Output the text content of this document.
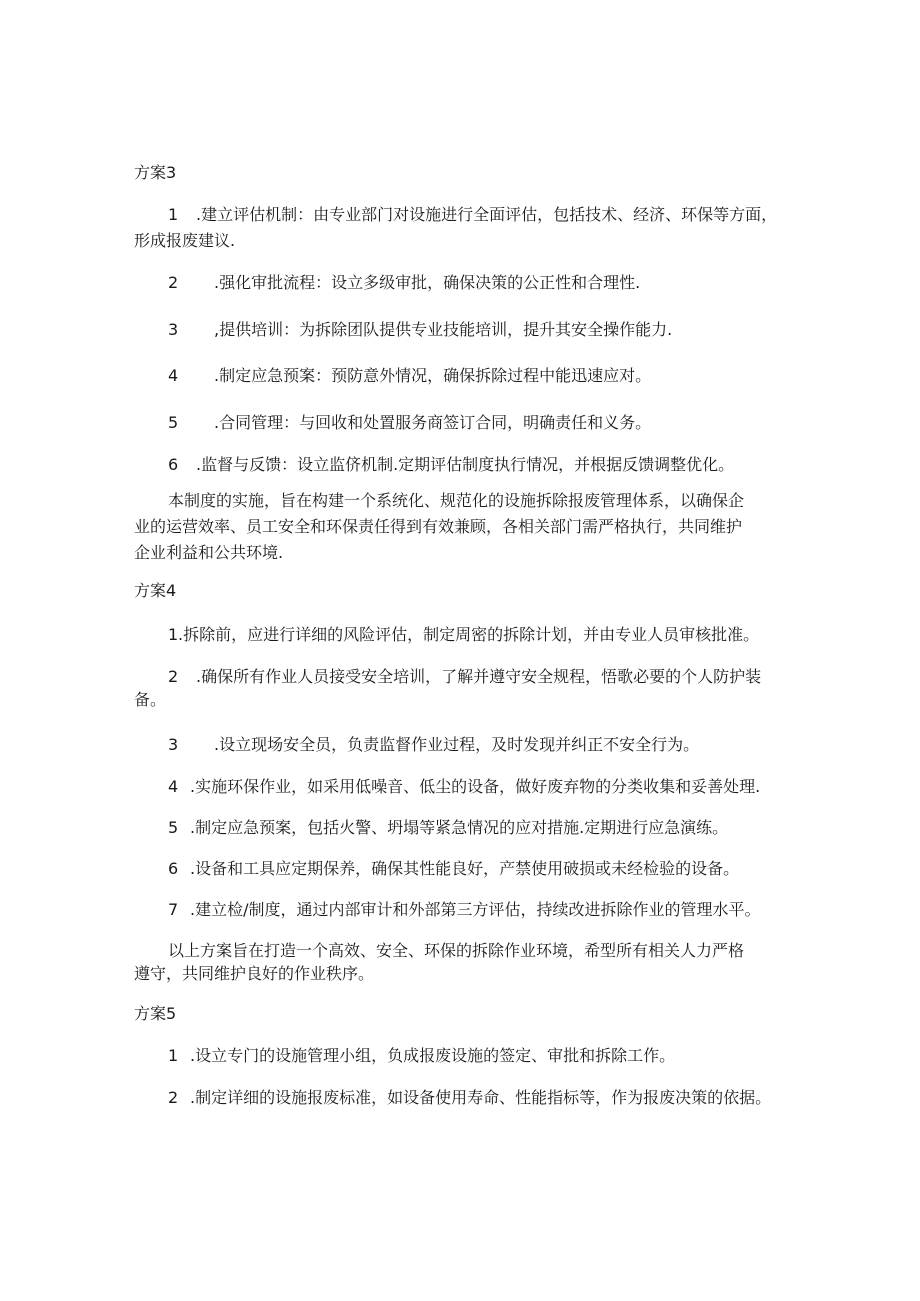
方案3
1 .建立评估机制：由专业部门对设施进行全面评估，包括技术、经济、环保等方面，
形成报废建议.
2 .强化审批流程：设立多级审批，确保决策的公正性和合理性.
3 ,提供培训：为拆除团队提供专业技能培训，提升其安全操作能力.
4 .制定应急预案：预防意外情况，确保拆除过程中能迅速应对。
5 .合同管理：与回收和处置服务商签订合同，明确责任和义务。
6 .监督与反馈：设立监侪机制.定期评估制度执行情况，并根据反馈调整优化。
本制度的实施，旨在构建一个系统化、规范化的设施拆除报废管理体系，以确保企
业的运营效率、员工安全和环保责任得到有效兼顾，各相关部门需严格执行，共同维护
企业利益和公共环境.
方案4
1 .拆除前，应进行详细的风险评估，制定周密的拆除计划，并由专业人员审核批准。
2 .确保所有作业人员接受安全培训，了解并遵守安全规程，悟歌必要的个人防护装
备。
3 .设立现场安全员，负责监督作业过程，及时发现并纠正不安全行为。
4 .实施环保作业，如采用低噪音、低尘的设备，做好废弃物的分类收集和妥善处理.
5 .制定应急预案，包括火警、坍塌等紧急情况的应对措施.定期进行应急演练。
6 .设备和工具应定期保养，确保其性能良好，产禁使用破损或未经检验的设备。
7 .建立检/制度，通过内部审计和外部第三方评估，持续改进拆除作业的管理水平。
以上方案旨在打造一个高效、安全、环保的拆除作业环境，希型所有相关人力严格
遵守，共同维护良好的作业秩序。
方案5
1 .设立专门的设施管理小组，负成报废设施的签定、审批和拆除工作。
2 .制定详细的设施报废标准，如设备使用寿命、性能指标等，作为报废决策的依据。
